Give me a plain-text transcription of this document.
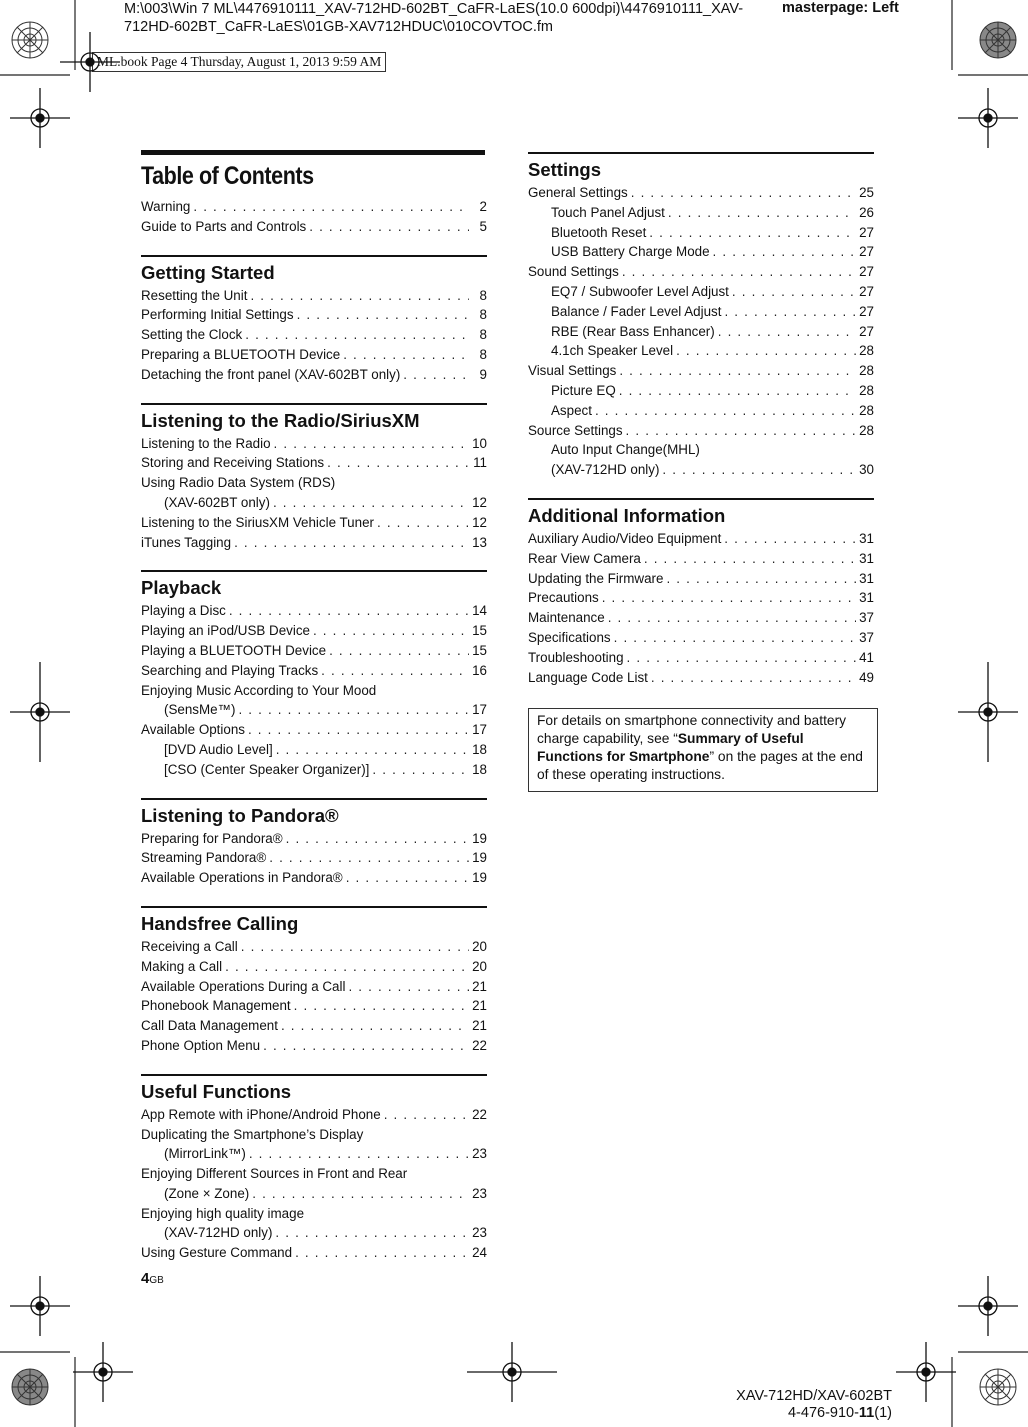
M:\003\Win 7 ML\4476910111_XAV-712HD-602BT_CaFR-LaES(10.0 600dpi)\4476910111_XAV-
712HD-602BT_CaFR-LaES\01GB-XAV712HDUC\010COVTOC.fm
masterpage: Left
ML.book Page 4 Thursday, August 1, 2013 9:59 AM
Table of Contents
Warning . . .	2
Guide to Parts and Controls . . .	5
Getting Started
Resetting the Unit . . .	8
Performing Initial Settings . . .	8
Setting the Clock . . .	8
Preparing a BLUETOOTH Device . . .	8
Detaching the front panel (XAV-602BT only) . . .	9
Listening to the Radio/SiriusXM
Listening to the Radio . . .	10
Storing and Receiving Stations . . .	11
Using Radio Data System (RDS)
(XAV-602BT only) . . .	12
Listening to the SiriusXM Vehicle Tuner . . .	12
iTunes Tagging . . .	13
Playback
Playing a Disc . . .	14
Playing an iPod/USB Device . . .	15
Playing a BLUETOOTH Device . . .	15
Searching and Playing Tracks . . .	16
Enjoying Music According to Your Mood
(SensMe™) . . .	17
Available Options . . .	17
[DVD Audio Level] . . .	18
[CSO (Center Speaker Organizer)] . . .	18
Listening to Pandora®
Preparing for Pandora® . . .	19
Streaming Pandora® . . .	19
Available Operations in Pandora® . . .	19
Handsfree Calling
Receiving a Call . . .	20
Making a Call . . .	20
Available Operations During a Call . . .	21
Phonebook Management . . .	21
Call Data Management . . .	21
Phone Option Menu . . .	22
Useful Functions
App Remote with iPhone/Android Phone . . .	22
Duplicating the Smartphone’s Display
(MirrorLink™) . . .	23
Enjoying Different Sources in Front and Rear
(Zone × Zone) . . .	23
Enjoying high quality image
(XAV-712HD only) . . .	23
Using Gesture Command . . .	24
Settings
General Settings . . .	25
Touch Panel Adjust . . .	26
Bluetooth Reset . . .	27
USB Battery Charge Mode . . .	27
Sound Settings . . .	27
EQ7 / Subwoofer Level Adjust . . .	27
Balance / Fader Level Adjust . . .	27
RBE (Rear Bass Enhancer) . . .	27
4.1ch Speaker Level . . .	28
Visual Settings . . .	28
Picture EQ . . .	28
Aspect . . .	28
Source Settings . . .	28
Auto Input Change(MHL)
(XAV-712HD only) . . .	30
Additional Information
Auxiliary Audio/Video Equipment . . .	31
Rear View Camera . . .	31
Updating the Firmware . . .	31
Precautions . . .	31
Maintenance . . .	37
Specifications . . .	37
Troubleshooting . . .	41
Language Code List . . .	49
For details on smartphone connectivity and battery charge capability, see “Summary of Useful Functions for Smartphone” on the pages at the end of these operating instructions.
4GB
XAV-712HD/XAV-602BT
4-476-910-11(1)
